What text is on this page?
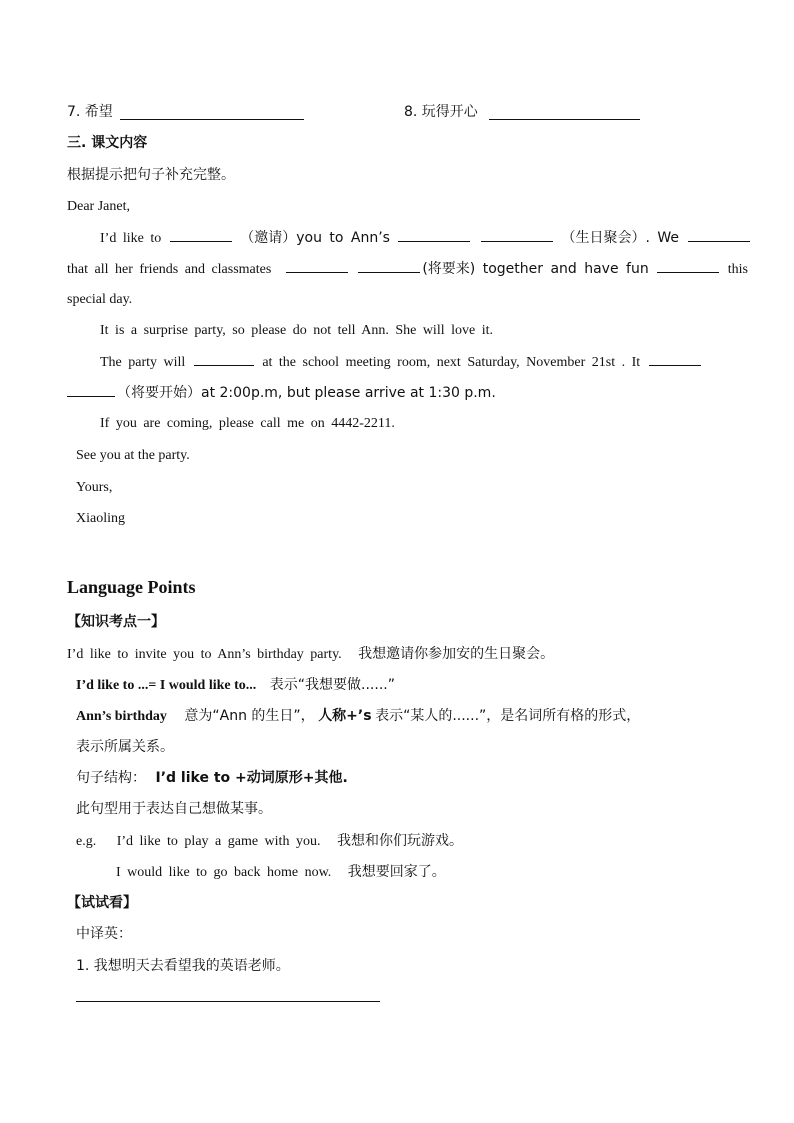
7. 希望	8. 玩得开心
三. 课文内容
根据提示把句子补充完整。
Dear Janet,
I’d like to	（邀请）you to Ann’s	（生日聚会）. We
that all her friends and classmates	(将要来) together and have fun	this
special day.
It is a surprise party, so please do not tell Ann. She will love it.
The party will	at the school meeting room, next Saturday, November 21st . It
（将要开始）at 2:00p.m, but please arrive at 1:30 p.m.
If you are coming, please call me on 4442-2211.
See you at the party.
Yours,
Xiaoling
Language Points
【知识考点一】
I’d like to invite you to Ann’s birthday party. 我想邀请你参加安的生日聚会。
I’d like to ...= I would like to... 表示“我想要做......”
Ann’s birthday 意为“Ann 的生日”， 人称+’s 表示“某人的......”，是名词所有格的形式，
表示所属关系。
句子结构： I’d like to +动词原形+其他.
此句型用于表达自己想做某事。
e.g. I’d like to play a game with you. 我想和你们玩游戏。
I would like to go back home now. 我想要回家了。
【试试看】
中译英：
1. 我想明天去看望我的英语老师。
